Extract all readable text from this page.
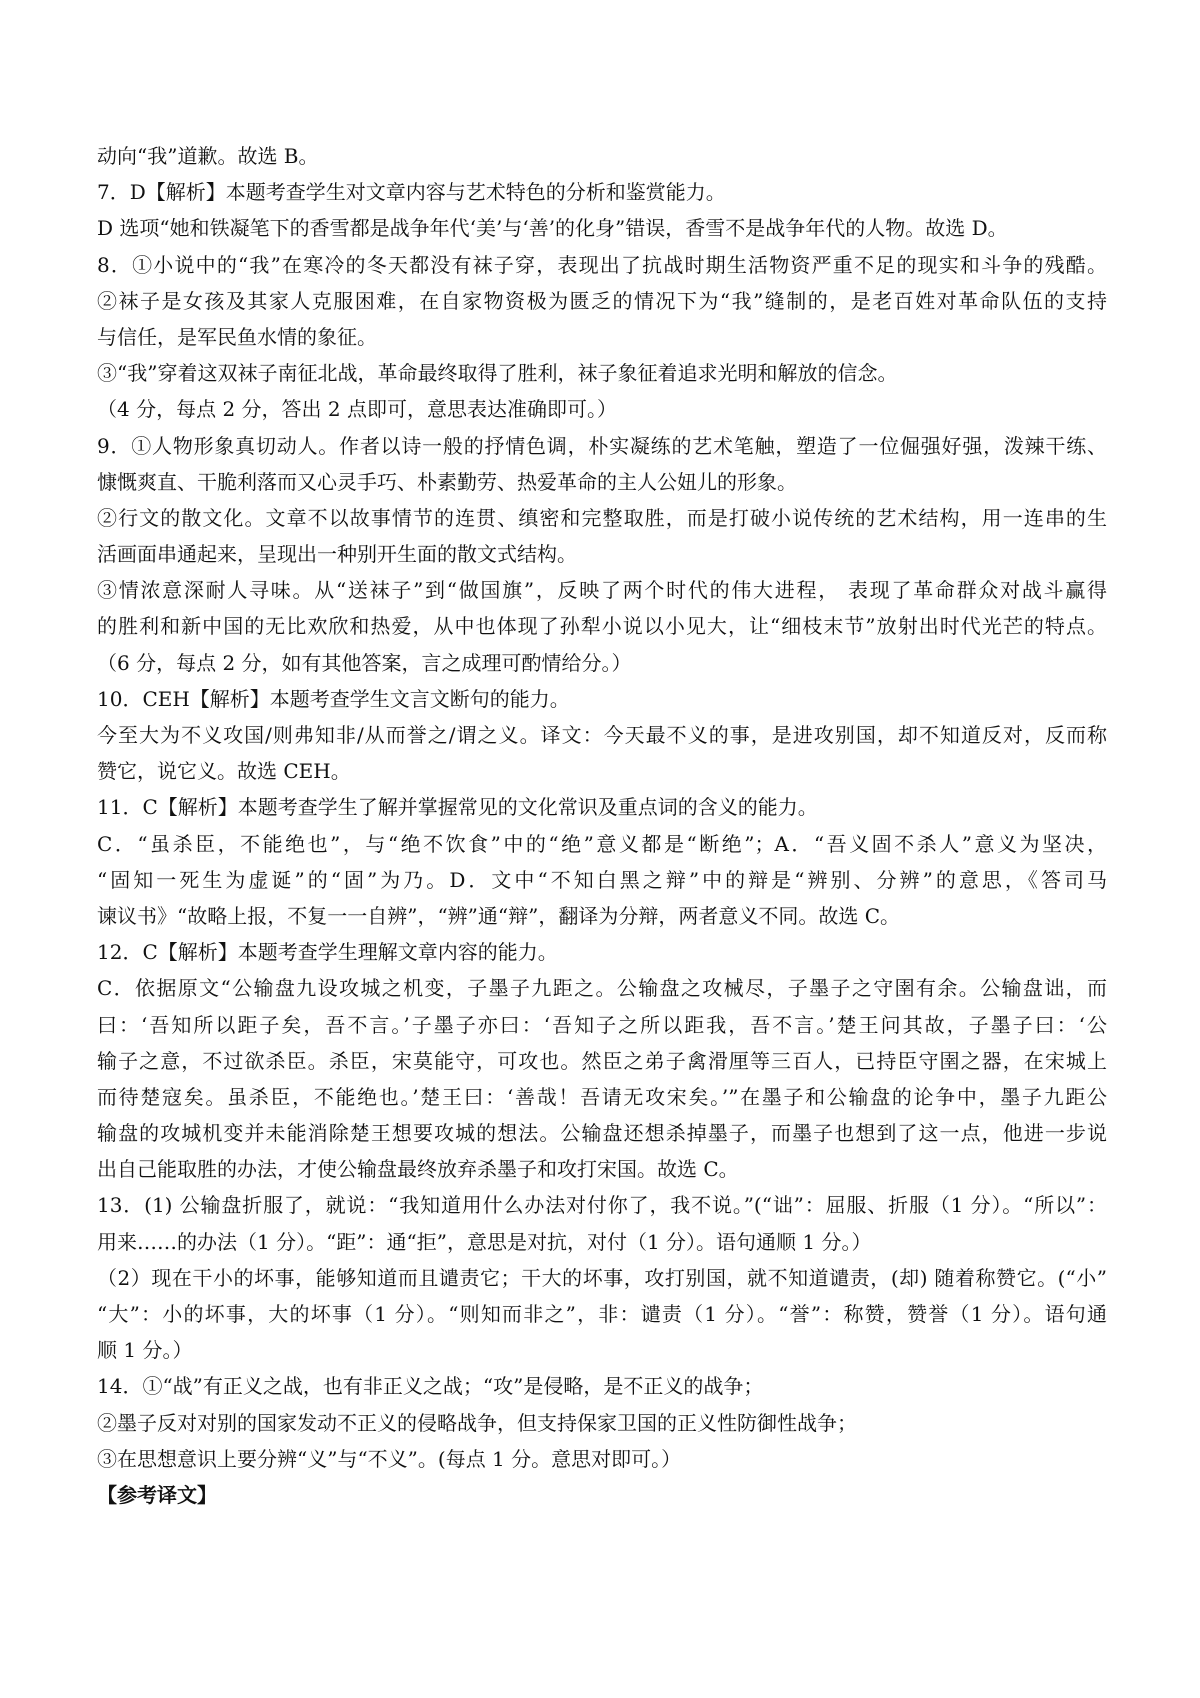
动向“我”道歉。故选 B。
7．D【解析】本题考查学生对文章内容与艺术特色的分析和鉴赏能力。
D 选项“她和铁凝笔下的香雪都是战争年代‘美’与‘善’的化身”错误，香雪不是战争年代的人物。故选 D。
8．①小说中的“我”在寒冷的冬天都没有袜子穿，表现出了抗战时期生活物资严重不足的现实和斗争的残酷。
②袜子是女孩及其家人克服困难，在自家物资极为匮乏的情况下为“我”缝制的，是老百姓对革命队伍的支持
与信任，是军民鱼水情的象征。
③“我”穿着这双袜子南征北战，革命最终取得了胜利，袜子象征着追求光明和解放的信念。
（4 分，每点 2 分，答出 2 点即可，意思表达准确即可。）
9．①人物形象真切动人。作者以诗一般的抒情色调，朴实凝练的艺术笔触，塑造了一位倔强好强，泼辣干练、
慷慨爽直、干脆利落而又心灵手巧、朴素勤劳、热爱革命的主人公妞儿的形象。
②行文的散文化。文章不以故事情节的连贯、缜密和完整取胜，而是打破小说传统的艺术结构，用一连串的生
活画面串通起来，呈现出一种别开生面的散文式结构。
③情浓意深耐人寻味。从“送袜子”到“做国旗”，反映了两个时代的伟大进程， 表现了革命群众对战斗赢得
的胜利和新中国的无比欢欣和热爱，从中也体现了孙犁小说以小见大，让“细枝末节”放射出时代光芒的特点。
（6 分，每点 2 分，如有其他答案，言之成理可酌情给分。）
10．CEH【解析】本题考查学生文言文断句的能力。
今至大为不义攻国/则弗知非/从而誉之/谓之义。译文：今天最不义的事，是进攻别国，却不知道反对，反而称
赞它，说它义。故选 CEH。
11．C【解析】本题考查学生了解并掌握常见的文化常识及重点词的含义的能力。
C．“虽杀臣，不能绝也”，与“绝不饮食”中的“绝”意义都是“断绝”；A．“吾义固不杀人”意义为坚决，
“固知一死生为虚诞”的“固”为乃。D．文中“不知白黑之辩”中的辩是“辨别、分辨”的意思，《答司马
谏议书》“故略上报，不复一一自辨”，“辨”通“辩”，翻译为分辩，两者意义不同。故选 C。
12．C【解析】本题考查学生理解文章内容的能力。
C．依据原文“公输盘九设攻城之机变，子墨子九距之。公输盘之攻械尽，子墨子之守圉有余。公输盘诎，而
曰：‘吾知所以距子矣，吾不言。’子墨子亦曰：‘吾知子之所以距我，吾不言。’楚王问其故，子墨子曰：‘公
输子之意，不过欲杀臣。杀臣，宋莫能守，可攻也。然臣之弟子禽滑厘等三百人，已持臣守圉之器，在宋城上
而待楚寇矣。虽杀臣，不能绝也。’楚王曰：‘善哉！吾请无攻宋矣。’”在墨子和公输盘的论争中，墨子九距公
输盘的攻城机变并未能消除楚王想要攻城的想法。公输盘还想杀掉墨子，而墨子也想到了这一点，他进一步说
出自己能取胜的办法，才使公输盘最终放弃杀墨子和攻打宋国。故选 C。
13．(1) 公输盘折服了，就说：“我知道用什么办法对付你了，我不说。”(“诎”：屈服、折服（1 分）。“所以”：
用来……的办法（1 分）。“距”：通“拒”，意思是对抗，对付（1 分）。语句通顺 1 分。）
（2）现在干小的坏事，能够知道而且谴责它；干大的坏事，攻打别国，就不知道谴责，(却) 随着称赞它。(“小”
“大”：小的坏事，大的坏事（1 分）。“则知而非之”，非：谴责（1 分）。“誉”：称赞，赞誉（1 分）。语句通
顺 1 分。）
14．①“战”有正义之战，也有非正义之战；“攻”是侵略，是不正义的战争；
②墨子反对对别的国家发动不正义的侵略战争，但支持保家卫国的正义性防御性战争；
③在思想意识上要分辨“义”与“不义”。(每点 1 分。意思对即可。）
【参考译文】
